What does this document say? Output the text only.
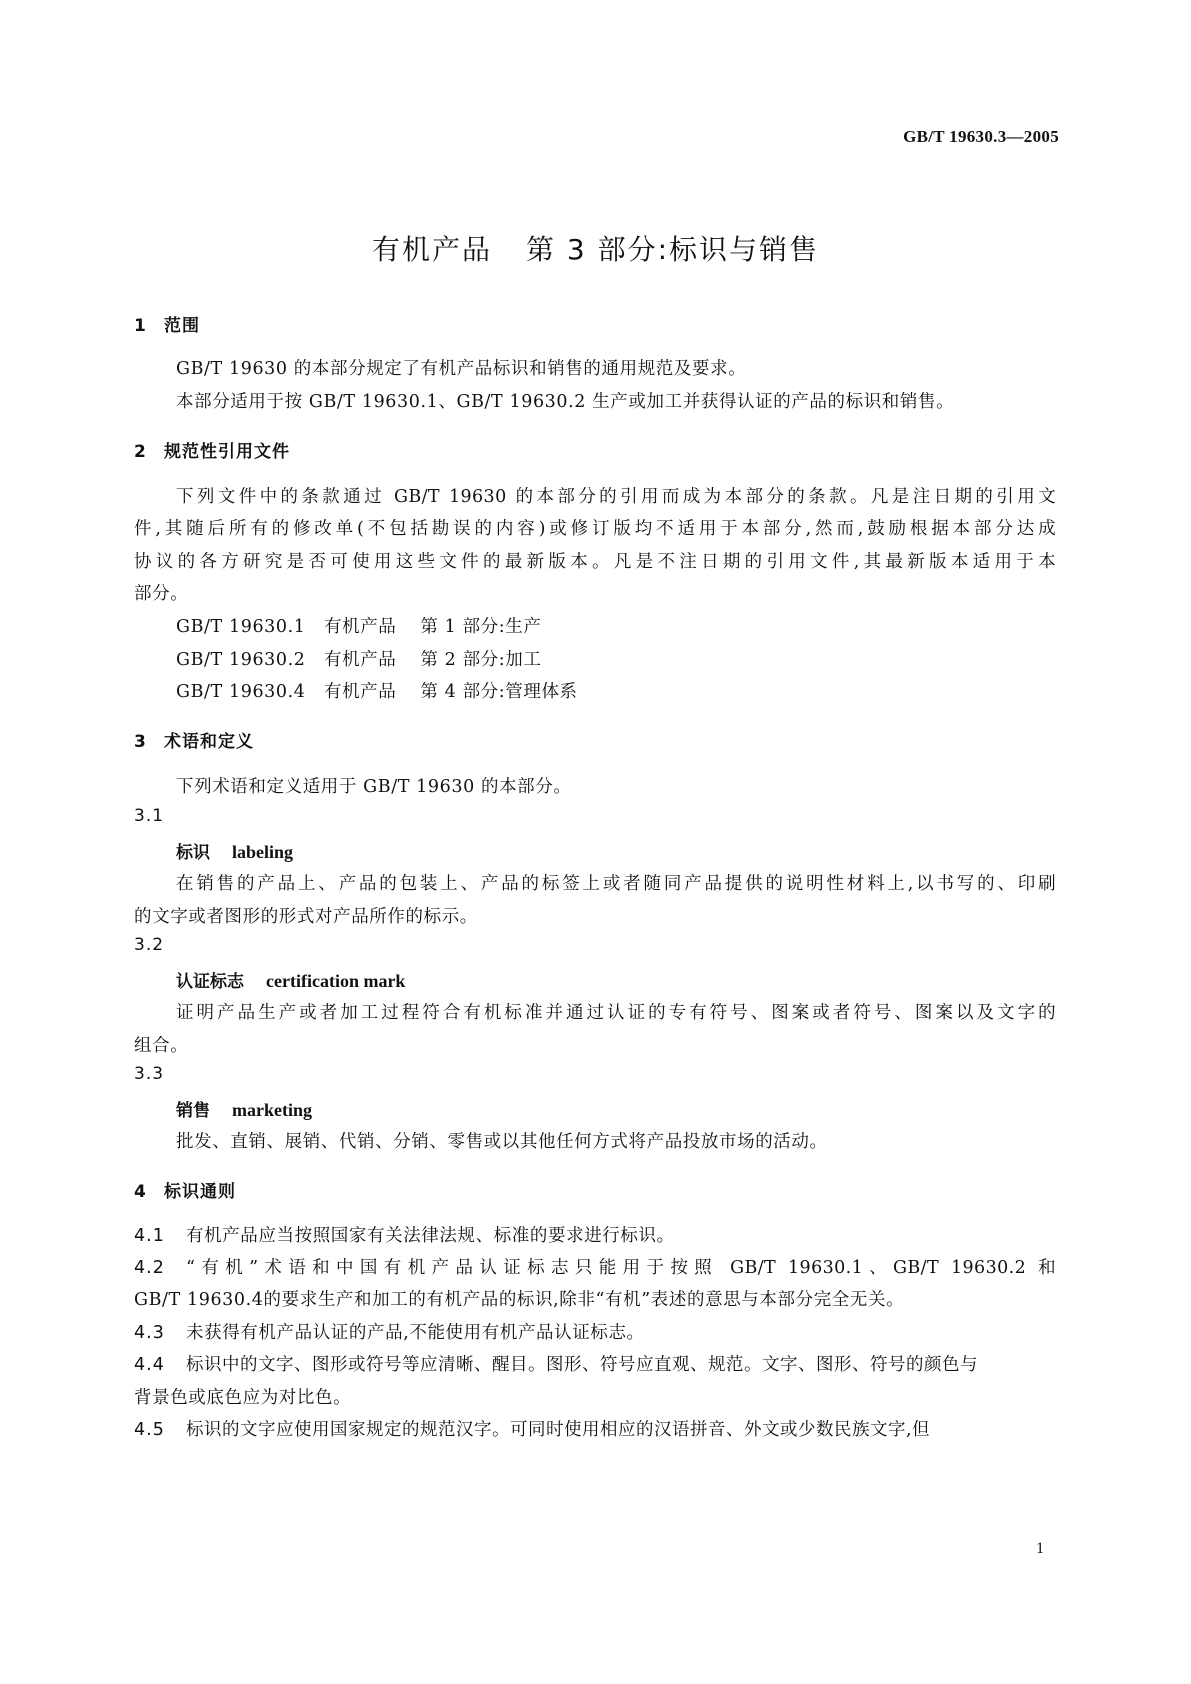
GB/T 19630.3—2005
有机产品 第 3 部分:标识与销售
1 范围
GB/T 19630 的本部分规定了有机产品标识和销售的通用规范及要求。
本部分适用于按 GB/T 19630.1、GB/T 19630.2 生产或加工并获得认证的产品的标识和销售。
2 规范性引用文件
下列文件中的条款通过 GB/T 19630 的本部分的引用而成为本部分的条款。凡是注日期的引用文
件,其随后所有的修改单(不包括勘误的内容)或修订版均不适用于本部分,然而,鼓励根据本部分达成
协议的各方研究是否可使用这些文件的最新版本。凡是不注日期的引用文件,其最新版本适用于本
部分。
GB/T 19630.1 有机产品 第 1 部分:生产
GB/T 19630.2 有机产品 第 2 部分:加工
GB/T 19630.4 有机产品 第 4 部分:管理体系
3 术语和定义
下列术语和定义适用于 GB/T 19630 的本部分。
3.1
标识 labeling
在销售的产品上、产品的包装上、产品的标签上或者随同产品提供的说明性材料上,以书写的、印刷
的文字或者图形的形式对产品所作的标示。
3.2
认证标志 certification mark
证明产品生产或者加工过程符合有机标准并通过认证的专有符号、图案或者符号、图案以及文字的
组合。
3.3
销售 marketing
批发、直销、展销、代销、分销、零售或以其他任何方式将产品投放市场的活动。
4 标识通则
4.1 有机产品应当按照国家有关法律法规、标准的要求进行标识。
4.2 “有机”术语和中国有机产品认证标志只能用于按照 GB/T 19630.1、GB/T 19630.2 和
GB/T 19630.4的要求生产和加工的有机产品的标识,除非“有机”表述的意思与本部分完全无关。
4.3 未获得有机产品认证的产品,不能使用有机产品认证标志。
4.4 标识中的文字、图形或符号等应清晰、醒目。图形、符号应直观、规范。文字、图形、符号的颜色与
背景色或底色应为对比色。
4.5 标识的文字应使用国家规定的规范汉字。可同时使用相应的汉语拼音、外文或少数民族文字,但
1
